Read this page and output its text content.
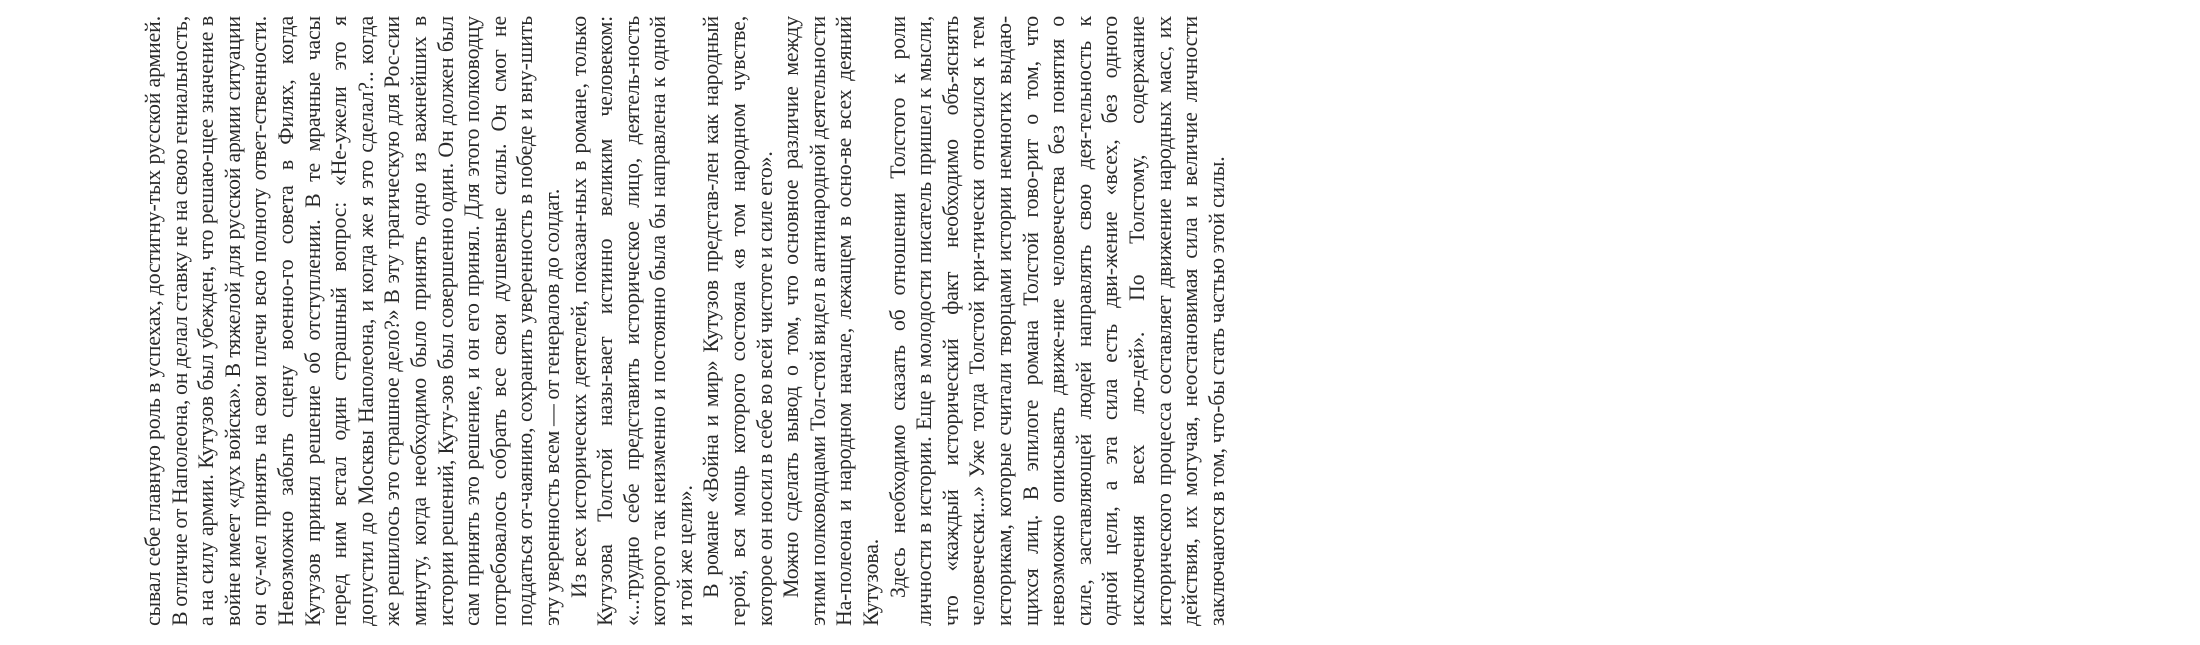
сывал себе главную роль в успехах, достигну-тых русской армией. В отличие от Наполеона, он делал ставку не на свою гениальность, а на силу армии. Кутузов был убежден, что решаю-щее значение в войне имеет «дух войска». В тяжелой для русской армии ситуации он су-мел принять на свои плечи всю полноту ответ-ственности. Невозможно забыть сцену военно-го совета в Филях, когда Кутузов принял решение об отступлении. В те мрачные часы перед ним встал один страшный вопрос: «Не-ужели это я допустил до Москвы Наполеона, и когда же я это сделал?.. когда же решилось это страшное дело?» В эту трагическую для Рос-сии минуту, когда необходимо было принять одно из важнейших в истории решений, Куту-зов был совершенно один. Он должен был сам принять это решение, и он его принял. Для этого полководцу потребовалось собрать все свои душевные силы. Он смог не поддаться от-чаянию, сохранить уверенность в победе и вну-шить эту уверенность всем — от генералов до солдат. Из всех исторических деятелей, показан-ных в романе, только Кутузова Толстой назы-вает истинно великим человеком: «...трудно себе представить историческое лицо, деятель-ность которого так неизменно и постоянно была бы направлена к одной и той же цели». В романе «Война и мир» Кутузов представ-лен как народный герой, вся мощь которого состояла «в том народном чувстве, которое он носил в себе во всей чистоте и силе его». Можно сделать вывод о том, что основное различие между этими полководцами Тол-стой видел в антинародной деятельности На-полеона и народном начале, лежащем в осно-ве всех деяний Кутузова. Здесь необходимо сказать об отношении Толстого к роли личности в истории. Еще в молодости писатель пришел к мысли, что «каждый исторический факт необходимо объ-яснять человечески...» Уже тогда Толстой кри-тически относился к тем историкам, которые считали творцами истории немногих выдаю-щихся лиц. В эпилоге романа Толстой гово-рит о том, что невозможно описывать движе-ние человечества без понятия о силе, заставляющей людей направлять свою дея-тельность к одной цели, а эта сила есть дви-жение «всех, без одного исключения всех лю-дей». По Толстому, содержание исторического процесса составляет движение народных масс, их действия, их могучая, неостановимая сила и величие личности заключаются в том, что-бы стать частью этой силы.
